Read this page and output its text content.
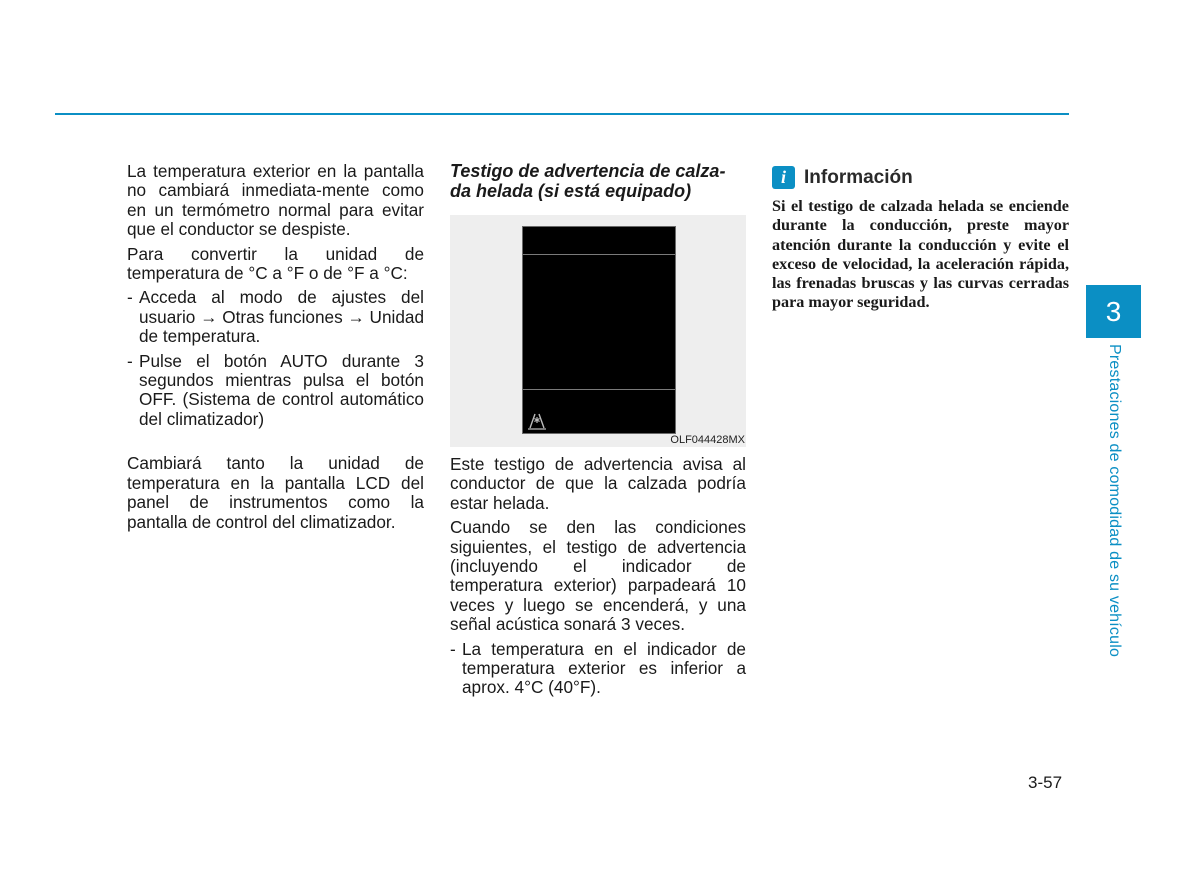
La temperatura exterior en la pantalla no cambiará inmediata-mente como en un termómetro normal para evitar que el conductor se despiste.

Para convertir la unidad de temperatura de °C a °F o de °F a °C:

- Acceda al modo de ajustes del usuario → Otras funciones → Unidad de temperatura.
- Pulse el botón AUTO durante 3 segundos mientras pulsa el botón OFF. (Sistema de control automático del climatizador)

Cambiará tanto la unidad de temperatura en la pantalla LCD del panel de instrumentos como la pantalla de control del climatizador.

Testigo de advertencia de calza-da helada (si está equipado)
OLF044428MX

Este testigo de advertencia avisa al conductor de que la calzada podría estar helada.

Cuando se den las condiciones siguientes, el testigo de advertencia (incluyendo el indicador de temperatura exterior) parpadeará 10 veces y luego se encenderá, y una señal acústica sonará 3 veces.

- La temperatura en el indicador de temperatura exterior es inferior a aprox. 4°C (40°F).
i Información

Si el testigo de calzada helada se enciende durante la conducción, preste mayor atención durante la conducción y evite el exceso de velocidad, la aceleración rápida, las frenadas bruscas y las curvas cerradas para mayor seguridad.	3
Prestaciones de comodidad de su vehículo
3-57
